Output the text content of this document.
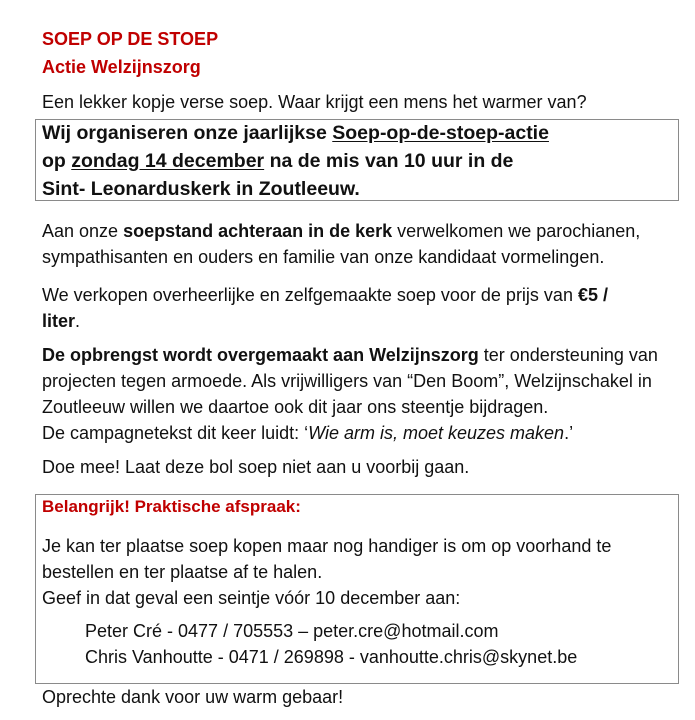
SOEP OP DE STOEP
Actie Welzijnszorg
Een lekker kopje verse soep. Waar krijgt een mens het warmer van?
Wij organiseren onze jaarlijkse Soep-op-de-stoep-actie
op zondag 14 december na de mis van 10 uur in de
Sint- Leonarduskerk in Zoutleeuw.
Aan onze soepstand achteraan in de kerk verwelkomen we parochianen,
sympathisanten en ouders en familie van onze kandidaat vormelingen.
We verkopen overheerlijke en zelfgemaakte soep voor de prijs van €5 /
liter.
De opbrengst wordt overgemaakt aan Welzijnszorg ter ondersteuning van
projecten tegen armoede. Als vrijwilligers van “Den Boom”, Welzijnschakel in
Zoutleeuw willen we daartoe ook dit jaar ons steentje bijdragen.
De campagnetekst dit keer luidt: ‘Wie arm is, moet keuzes maken.’
Doe mee! Laat deze bol soep niet aan u voorbij gaan.
Belangrijk! Praktische afspraak:
Je kan ter plaatse soep kopen maar nog handiger is om op voorhand te
bestellen en ter plaatse af te halen.
Geef in dat geval een seintje vóór 10 december aan:
Peter Cré - 0477 / 705553 – peter.cre@hotmail.com
Chris Vanhoutte - 0471 / 269898 - vanhoutte.chris@skynet.be
Oprechte dank voor uw warm gebaar!
